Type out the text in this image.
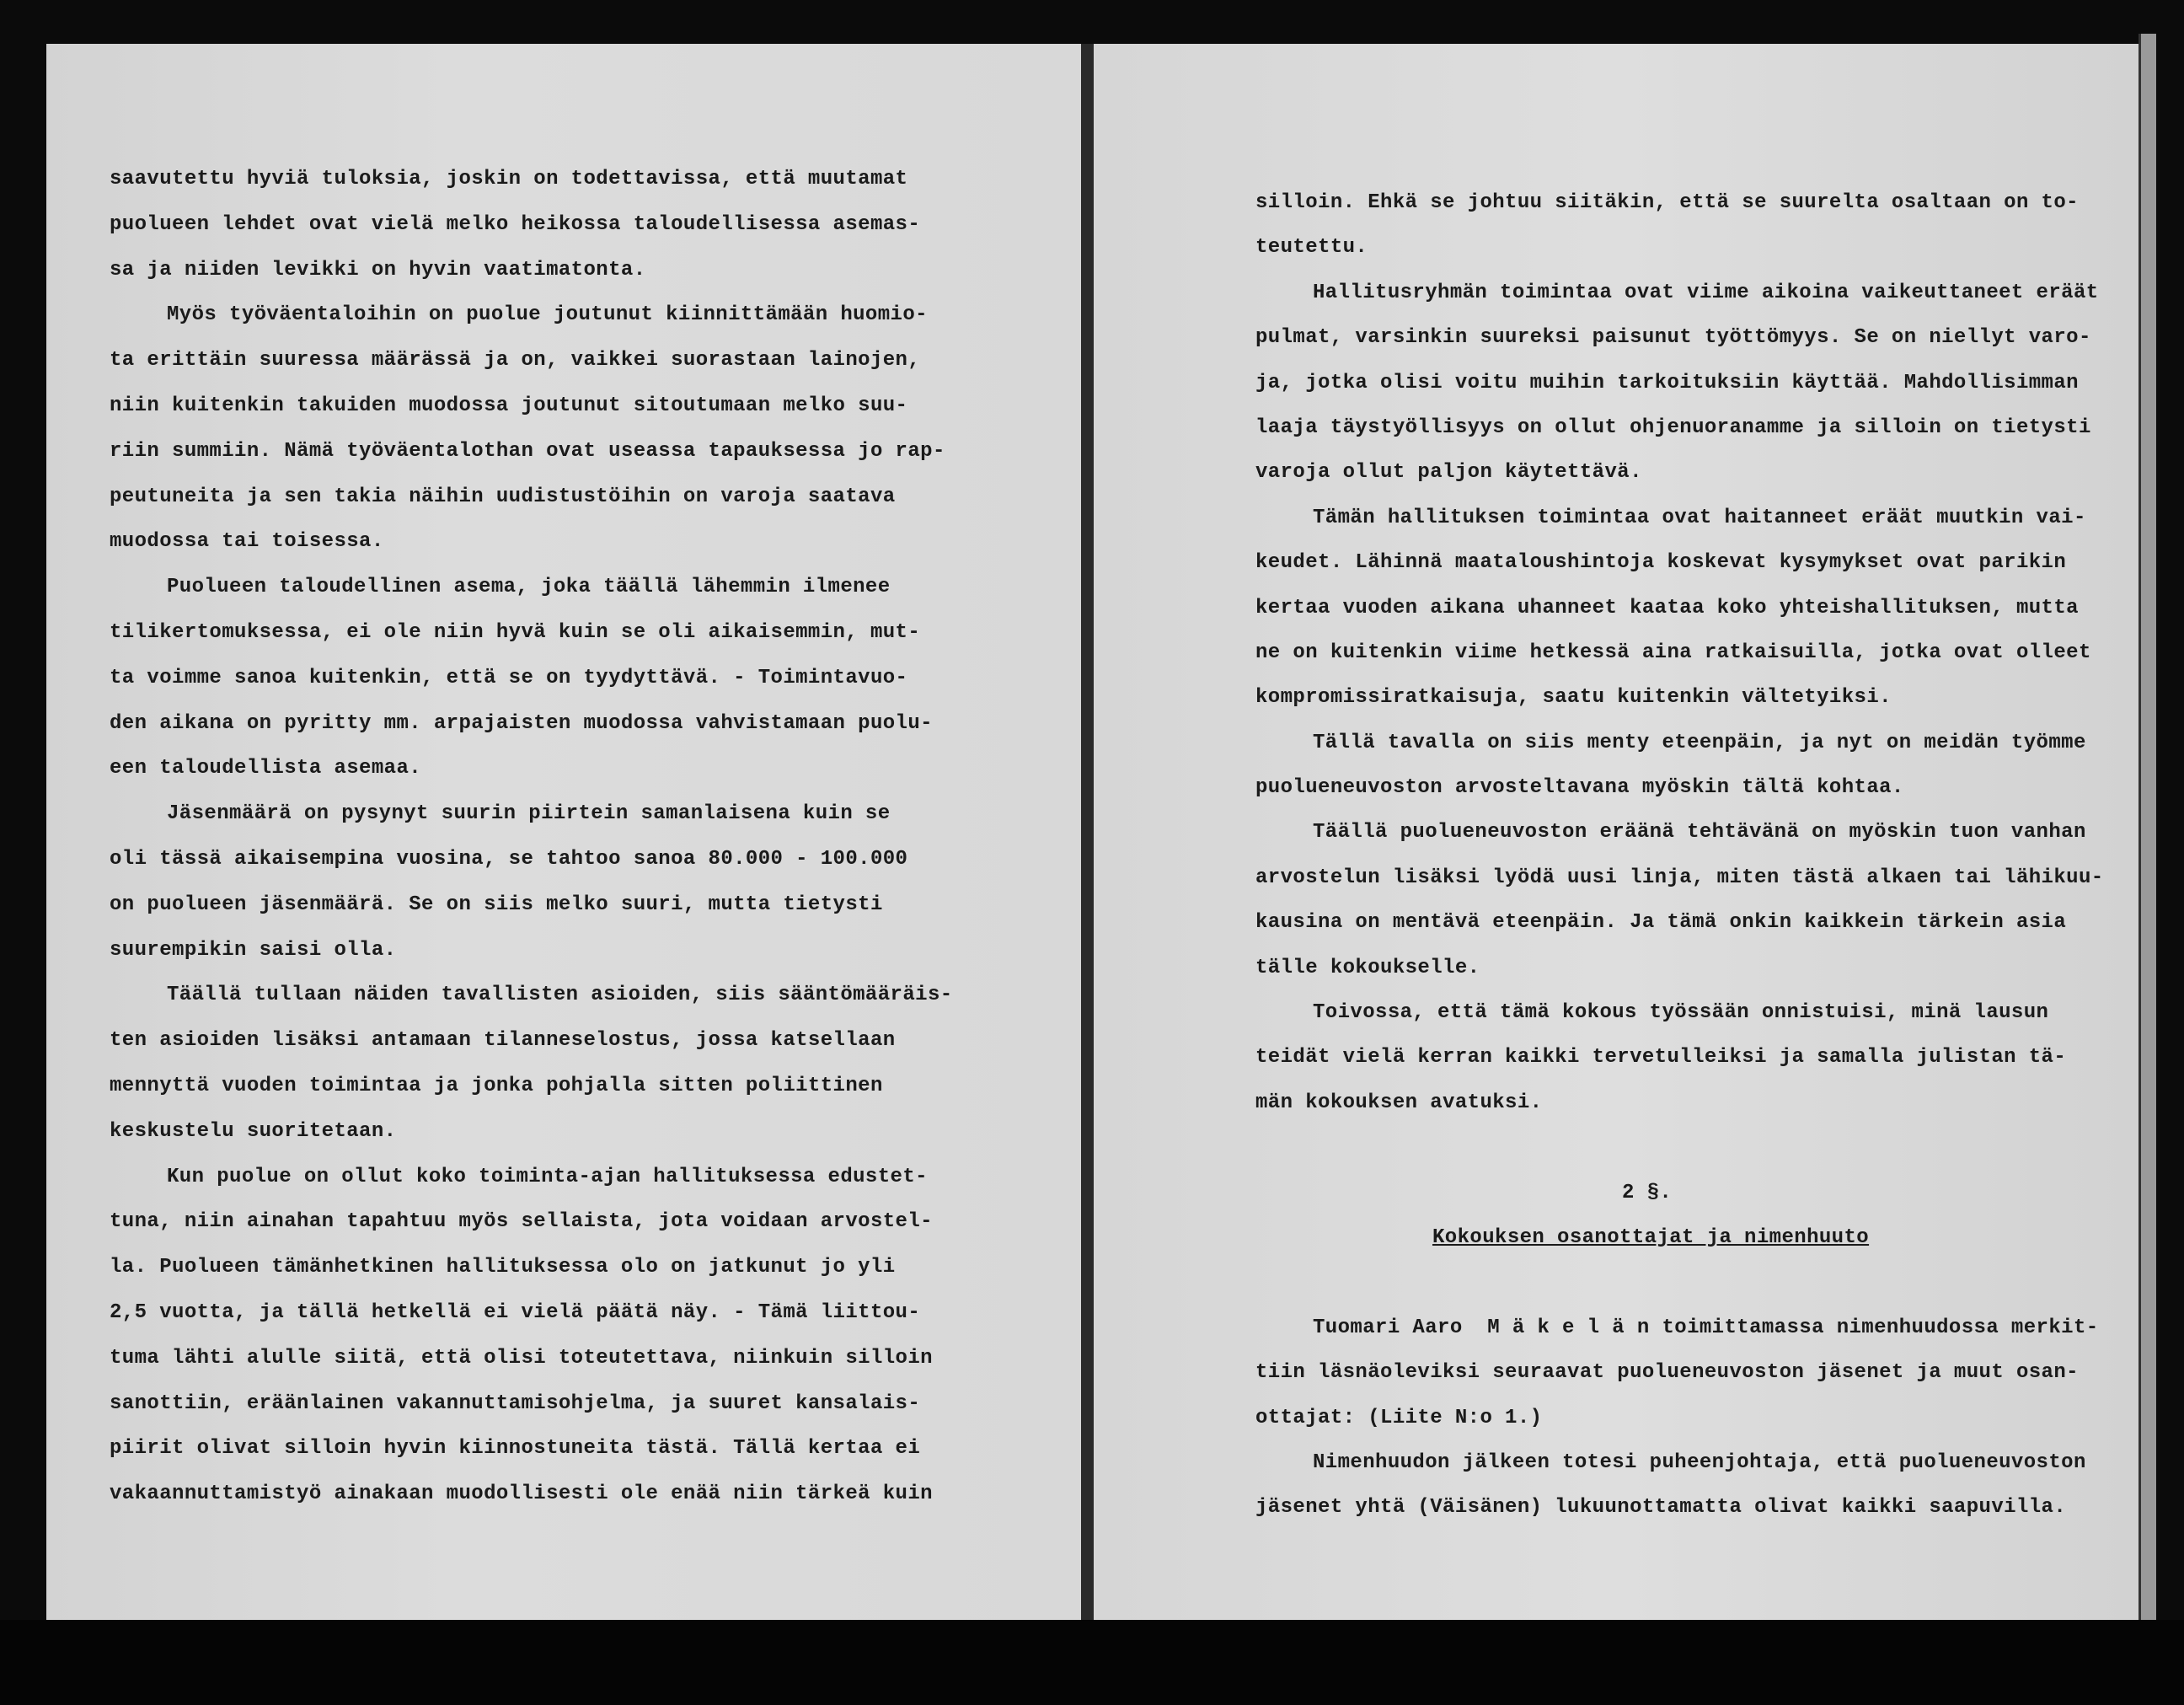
saavutettu hyviä tuloksia, joskin on todettavissa, että muutamat
puolueen lehdet ovat vielä melko heikossa taloudellisessa asemas-
sa ja niiden levikki on hyvin vaatimatonta.
Myös työväentaloihin on puolue joutunut kiinnittämään huomio-
ta erittäin suuressa määrässä ja on, vaikkei suorastaan lainojen,
niin kuitenkin takuiden muodossa joutunut sitoutumaan melko suu-
riin summiin. Nämä työväentalothan ovat useassa tapauksessa jo rap-
peutuneita ja sen takia näihin uudistustöihin on varoja saatava
muodossa tai toisessa.
Puolueen taloudellinen asema, joka täällä lähemmin ilmenee
tilikertomuksessa, ei ole niin hyvä kuin se oli aikaisemmin, mut-
ta voimme sanoa kuitenkin, että se on tyydyttävä. - Toimintavuo-
den aikana on pyritty mm. arpajaisten muodossa vahvistamaan puolu-
een taloudellista asemaa.
Jäsenmäärä on pysynyt suurin piirtein samanlaisena kuin se
oli tässä aikaisempina vuosina, se tahtoo sanoa 80.000 - 100.000
on puolueen jäsenmäärä. Se on siis melko suuri, mutta tietysti
suurempikin saisi olla.
Täällä tullaan näiden tavallisten asioiden, siis sääntömääräis-
ten asioiden lisäksi antamaan tilanneselostus, jossa katsellaan
mennyttä vuoden toimintaa ja jonka pohjalla sitten poliittinen
keskustelu suoritetaan.
Kun puolue on ollut koko toiminta-ajan hallituksessa edustet-
tuna, niin ainahan tapahtuu myös sellaista, jota voidaan arvostel-
la. Puolueen tämänhetkinen hallituksessa olo on jatkunut jo yli
2,5 vuotta, ja tällä hetkellä ei vielä päätä näy. - Tämä liittou-
tuma lähti alulle siitä, että olisi toteutettava, niinkuin silloin
sanottiin, eräänlainen vakannuttamisohjelma, ja suuret kansalais-
piirit olivat silloin hyvin kiinnostuneita tästä. Tällä kertaa ei
vakaannuttamistyö ainakaan muodollisesti ole enää niin tärkeä kuin
silloin. Ehkä se johtuu siitäkin, että se suurelta osaltaan on to-
teutettu.
Hallitusryhmän toimintaa ovat viime aikoina vaikeuttaneet eräät
pulmat, varsinkin suureksi paisunut työttömyys. Se on niellyt varo-
ja, jotka olisi voitu muihin tarkoituksiin käyttää. Mahdollisimman
laaja täystyöllisyys on ollut ohjenuoranamme ja silloin on tietysti
varoja ollut paljon käytettävä.
Tämän hallituksen toimintaa ovat haitanneet eräät muutkin vai-
keudet. Lähinnä maataloushintoja koskevat kysymykset ovat parikin
kertaa vuoden aikana uhanneet kaataa koko yhteishallituksen, mutta
ne on kuitenkin viime hetkessä aina ratkaisuilla, jotka ovat olleet
kompromissiratkaisuja, saatu kuitenkin vältetyiksi.
Tällä tavalla on siis menty eteenpäin, ja nyt on meidän työmme
puolueneuvoston arvosteltavana myöskin tältä kohtaa.
Täällä puolueneuvoston eräänä tehtävänä on myöskin tuon vanhan
arvostelun lisäksi lyödä uusi linja, miten tästä alkaen tai lähikuu-
kausina on mentävä eteenpäin. Ja tämä onkin kaikkein tärkein asia
tälle kokoukselle.
Toivossa, että tämä kokous työssään onnistuisi, minä lausun
teidät vielä kerran kaikki tervetulleiksi ja samalla julistan tä-
män kokouksen avatuksi.
2 §.
Kokouksen osanottajat ja nimenhuuto
Tuomari Aaro  M ä k e l ä n toimittamassa nimenhuudossa merkit-
tiin läsnäoleviksi seuraavat puolueneuvoston jäsenet ja muut osan-
ottajat: (Liite N:o 1.)
Nimenhuudon jälkeen totesi puheenjohtaja, että puolueneuvoston
jäsenet yhtä (Väisänen) lukuunottamatta olivat kaikki saapuvilla.
